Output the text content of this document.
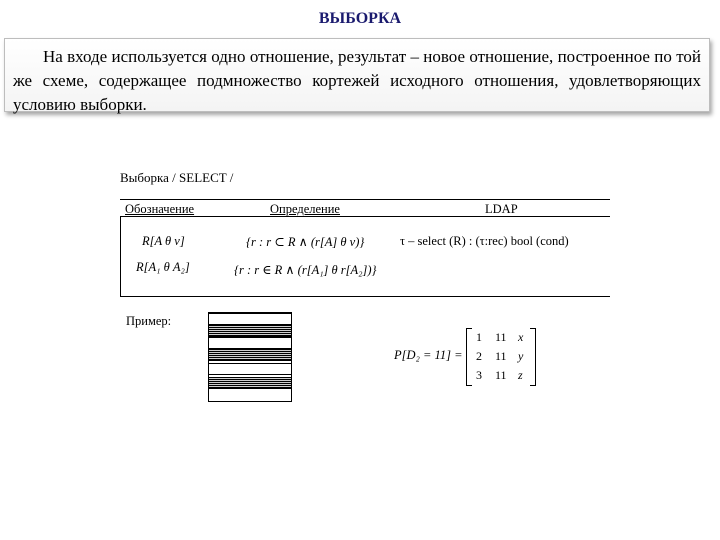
ВЫБОРКА
На входе используется одно отношение, результат – новое отношение, построенное по той же схеме, содержащее подмножество кортежей исходного отношения, удовлетворяющих условию выборки.
Выборка / SELECT /
Обозначение	Определение	LDAP
R[A θ v]
R[A₁ θ A₂]
{r : r ⊂ R ∧ (r[A] θ v)}
{r : r ∈ R ∧ (r[A₁] θ r[A₂])}
τ – select (R) : (τ:rec) bool (cond)
Пример:
P[D₂ = 11] =
1 11 x
2 11 y
3 11 z
